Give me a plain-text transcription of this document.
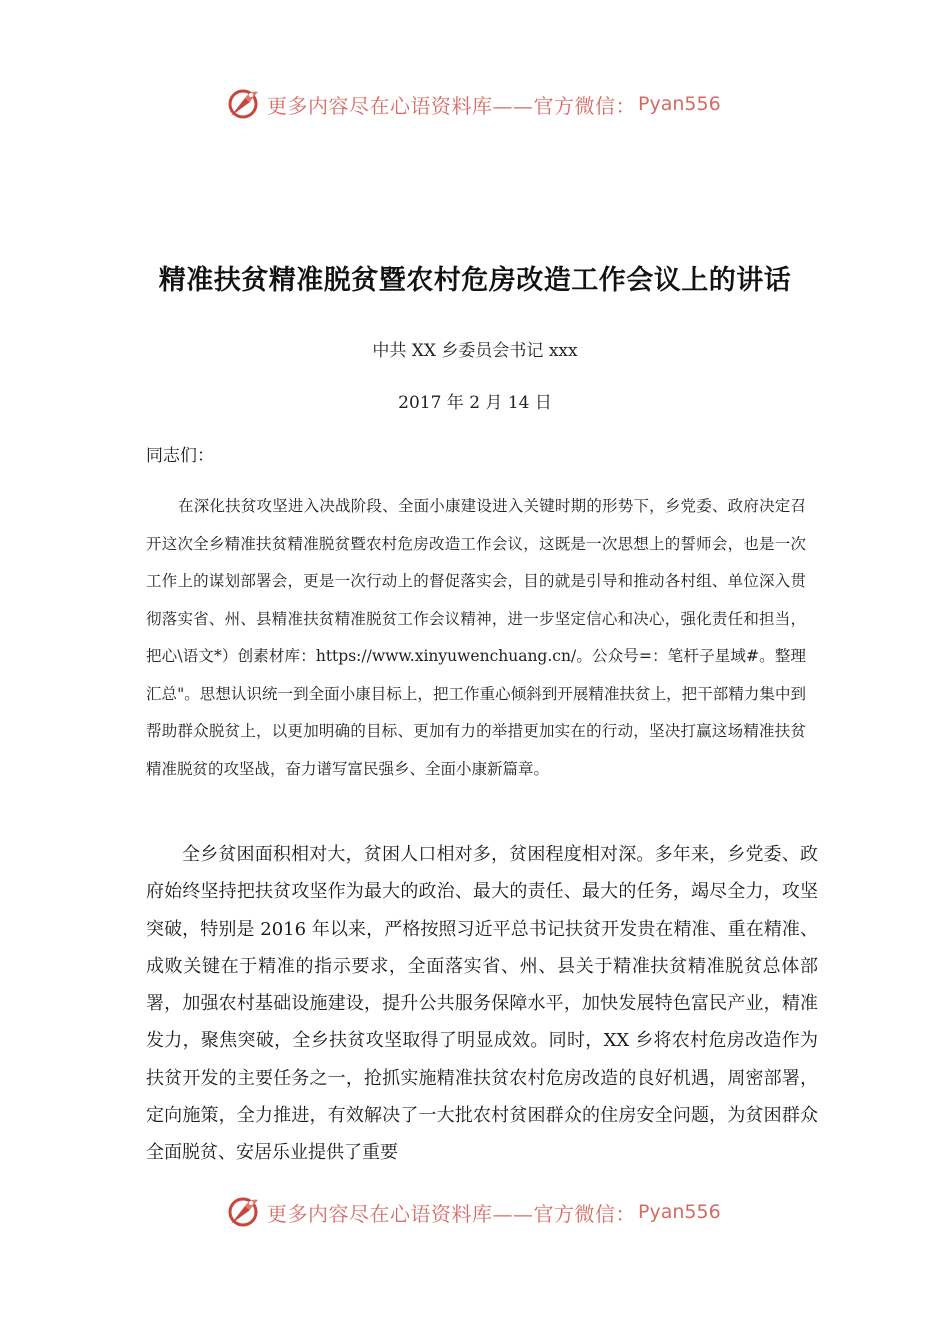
更多内容尽在心语资料库——官方微信： Pyan556
精准扶贫精准脱贫暨农村危房改造工作会议上的讲话
中共 XX 乡委员会书记 xxx
2017 年 2 月 14 日
同志们：

在深化扶贫攻坚进入决战阶段、全面小康建设进入关键时期的形势下，乡党委、政府决定召开这次全乡精准扶贫精准脱贫暨农村危房改造工作会议，这既是一次思想上的誓师会，也是一次工作上的谋划部署会，更是一次行动上的督促落实会，目的就是引导和推动各村组、单位深入贯彻落实省、州、县精准扶贫精准脱贫工作会议精神，进一步坚定信心和决心，强化责任和担当，把心\语文*）创素材库：https://www.xinyuwenchuang.cn/。公众号=：笔杆子星域#。整理汇总"。思想认识统一到全面小康目标上，把工作重心倾斜到开展精准扶贫上，把干部精力集中到帮助群众脱贫上，以更加明确的目标、更加有力的举措更加实在的行动，坚决打赢这场精准扶贫精准脱贫的攻坚战，奋力谱写富民强乡、全面小康新篇章。

全乡贫困面积相对大，贫困人口相对多，贫困程度相对深。多年来，乡党委、政府始终坚持把扶贫攻坚作为最大的政治、最大的责任、最大的任务，竭尽全力，攻坚突破，特别是 2016 年以来，严格按照习近平总书记扶贫开发贵在精准、重在精准、成败关键在于精准的指示要求，全面落实省、州、县关于精准扶贫精准脱贫总体部署，加强农村基础设施建设，提升公共服务保障水平，加快发展特色富民产业，精准发力，聚焦突破，全乡扶贫攻坚取得了明显成效。同时，XX 乡将农村危房改造作为扶贫开发的主要任务之一，抢抓实施精准扶贫农村危房改造的良好机遇，周密部署，定向施策，全力推进，有效解决了一大批农村贫困群众的住房安全问题，为贫困群众全面脱贫、安居乐业提供了重要

更多内容尽在心语资料库——官方微信： Pyan556
